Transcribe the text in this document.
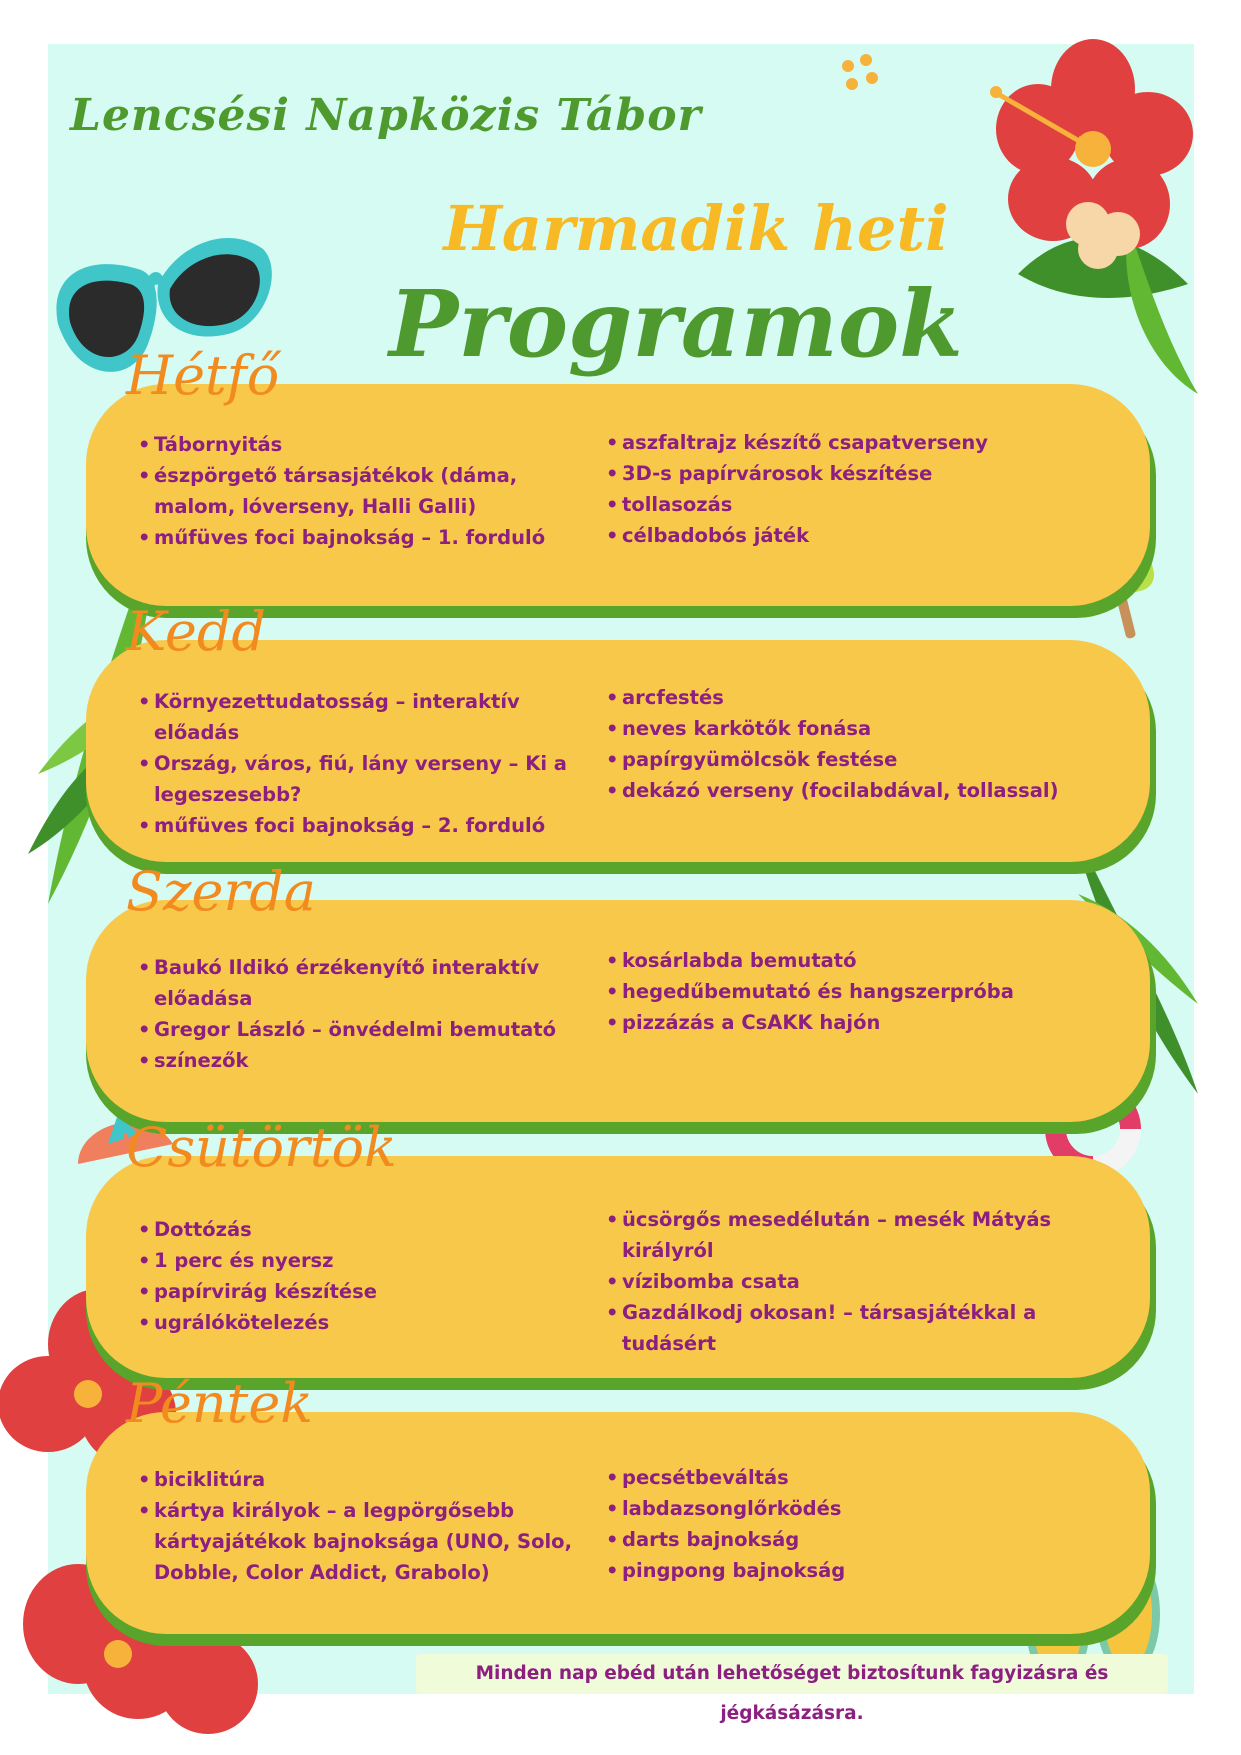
Lencsési Napközis Tábor

Harmadik heti

Programok

Hétfő
• Tábornyitás
• észpörgető társasjátékok (dáma, malom, lóverseny, Halli Galli)
• műfüves foci bajnokság – 1. forduló
• aszfaltrajz készítő csapatverseny
• 3D-s papírvárosok készítése
• tollasozás
• célbadobós játék
Kedd
• Környezettudatosság – interaktív előadás
• Ország, város, fiú, lány verseny – Ki a legeszesebb?
• műfüves foci bajnokság – 2. forduló
• arcfestés
• neves karkötők fonása
• papírgyümölcsök festése
• dekázó verseny (focilabdával, tollassal)
Szerda
• Baukó Ildikó érzékenyítő interaktív előadása
• Gregor László – önvédelmi bemutató
• színezők
• kosárlabda bemutató
• hegedűbemutató és hangszerpróba
• pizzázás a CsAKK hajón
Csütörtök
• Dottózás
• 1 perc és nyersz
• papírvirág készítése
• ugrálókötelezés
• ücsörgős mesedélután – mesék Mátyás királyról
• vízibomba csata
• Gazdálkodj okosan! – társasjátékkal a tudásért
Péntek
• biciklitúra
• kártya királyok – a legpörgősebb kártyajátékok bajnoksága (UNO, Solo, Dobble, Color Addict, Grabolo)
• pecsétbeváltás
• labdazsonglőrködés
• darts bajnokság
• pingpong bajnokság

Minden nap ebéd után lehetőséget biztosítunk fagyizásra és jégkásázásra.
